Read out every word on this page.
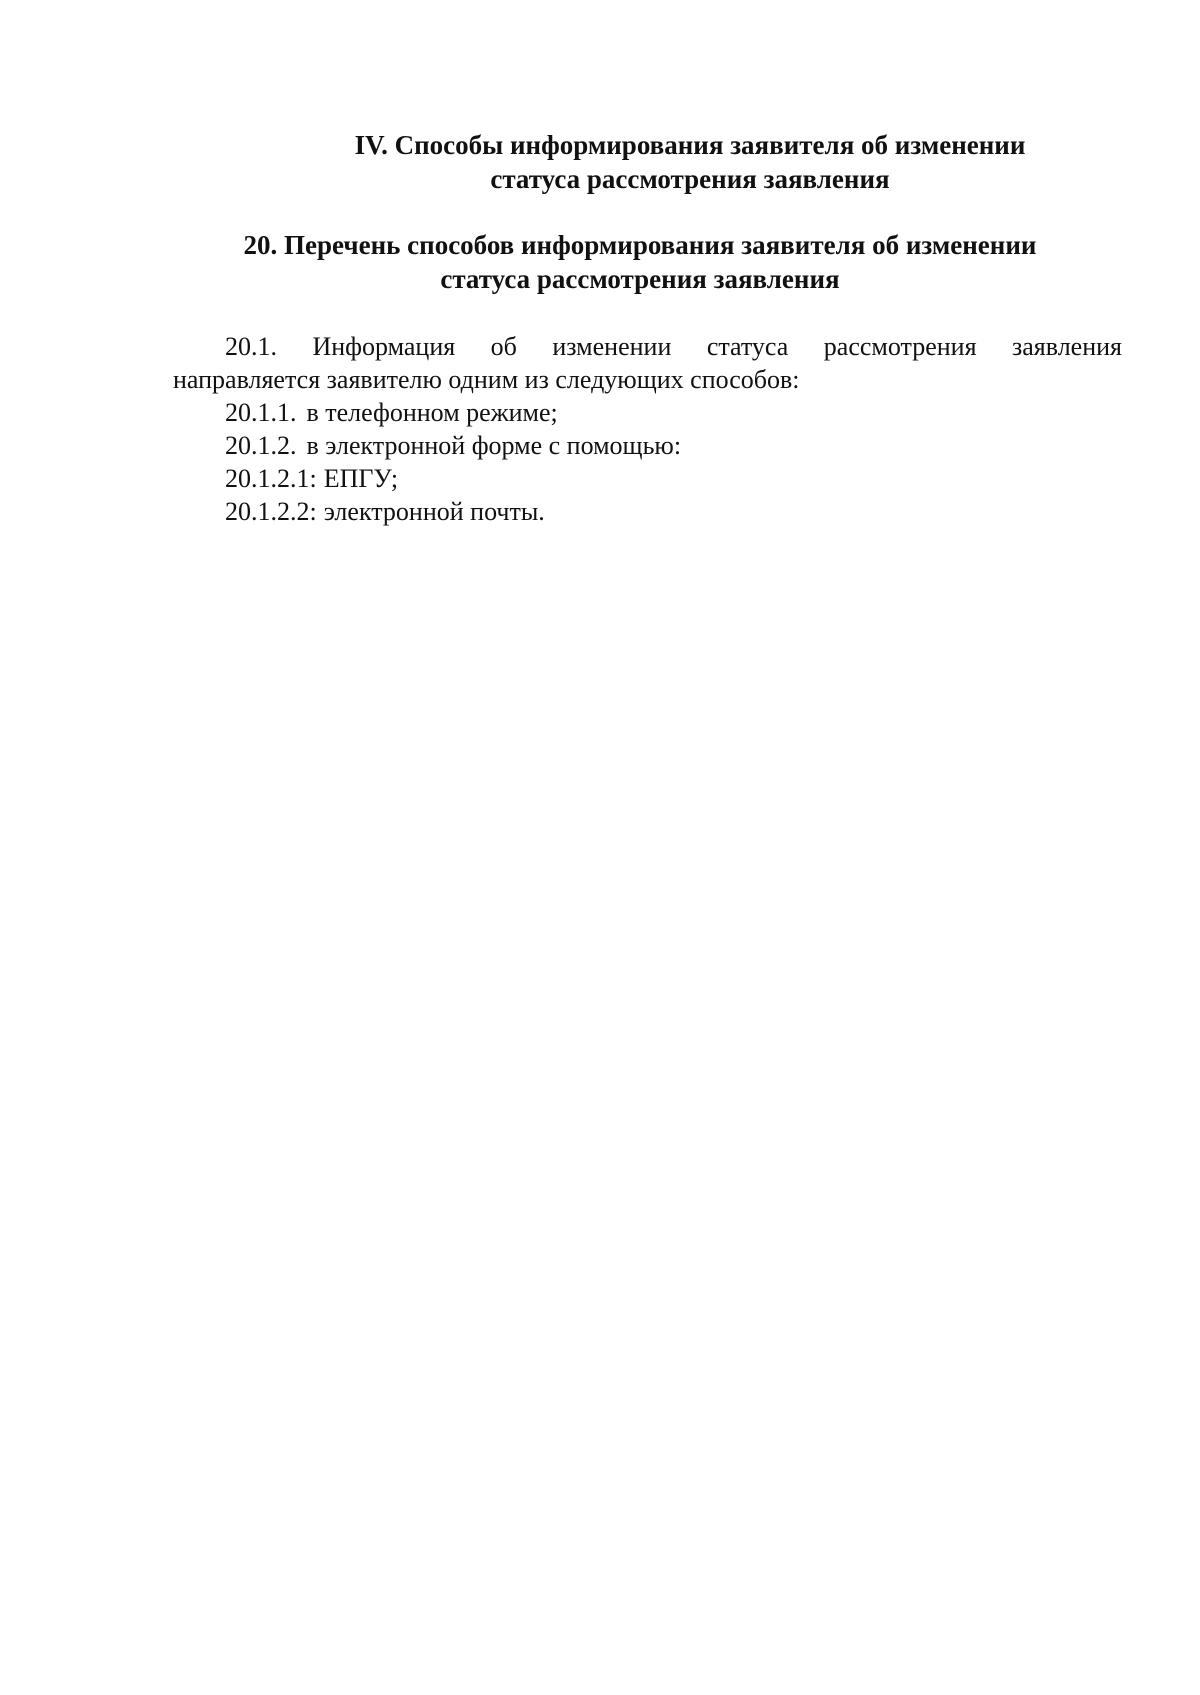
IV. Способы информирования заявителя об изменении
статуса рассмотрения заявления
20. Перечень способов информирования заявителя об изменении
статуса рассмотрения заявления
20.1. Информация об изменении статуса рассмотрения заявления
направляется заявителю одним из следующих способов:
20.1.1. в телефонном режиме;
20.1.2. в электронной форме с помощью:
20.1.2.1: ЕПГУ;
20.1.2.2: электронной почты.
